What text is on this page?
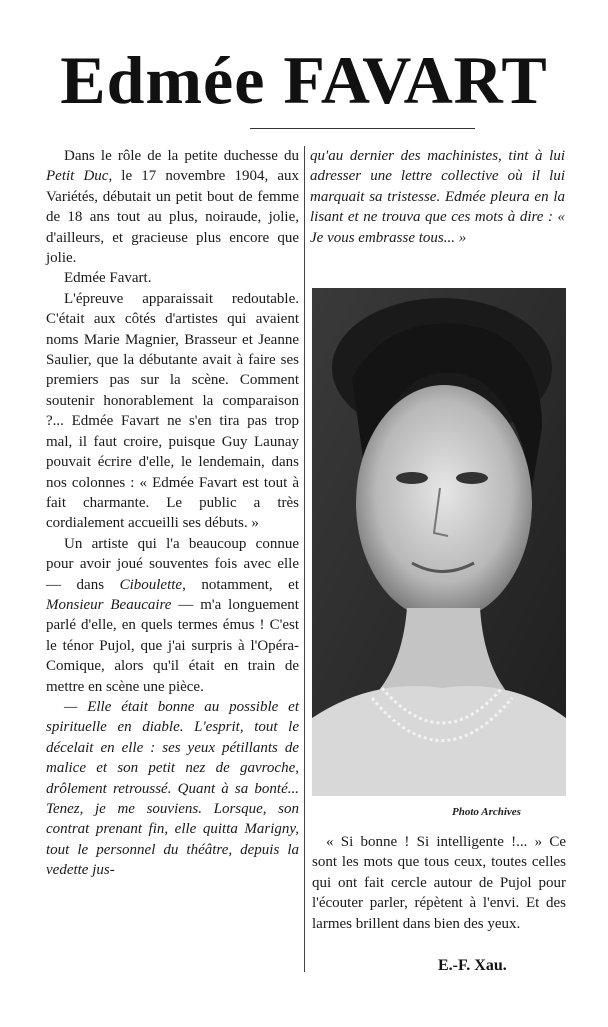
Edmée FAVART

Dans le rôle de la petite duchesse du Petit Duc, le 17 novembre 1904, aux Variétés, débutait un petit bout de femme de 18 ans tout au plus, noiraude, jolie, d'ailleurs, et gracieuse plus encore que jolie.

Edmée Favart.

L'épreuve apparaissait redoutable. C'était aux côtés d'artistes qui avaient noms Marie Magnier, Brasseur et Jeanne Saulier, que la débutante avait à faire ses premiers pas sur la scène. Comment soutenir honorablement la comparaison ?... Edmée Favart ne s'en tira pas trop mal, il faut croire, puisque Guy Launay pouvait écrire d'elle, le lendemain, dans nos colonnes : « Edmée Favart est tout à fait charmante. Le public a très cordialement accueilli ses débuts. »

Un artiste qui l'a beaucoup connue pour avoir joué souventes fois avec elle — dans Ciboulette, notamment, et Monsieur Beaucaire — m'a longuement parlé d'elle, en quels termes émus ! C'est le ténor Pujol, que j'ai surpris à l'Opéra-Comique, alors qu'il était en train de mettre en scène une pièce.

— Elle était bonne au possible et spirituelle en diable. L'esprit, tout le décelait en elle : ses yeux pétillants de malice et son petit nez de gavroche, drôlement retroussé. Quant à sa bonté... Tenez, je me souviens. Lorsque, son contrat prenant fin, elle quitta Marigny, tout le personnel du théâtre, depuis la vedette jus-

qu'au dernier des machinistes, tint à lui adresser une lettre collective où il lui marquait sa tristesse. Edmée pleura en la lisant et ne trouva que ces mots à dire : « Je vous embrasse tous... »
Photo Archives

« Si bonne ! Si intelligente !... » Ce sont les mots que tous ceux, toutes celles qui ont fait cercle autour de Pujol pour l'écouter parler, répètent à l'envi. Et des larmes brillent dans bien des yeux.

E.-F. Xau.
